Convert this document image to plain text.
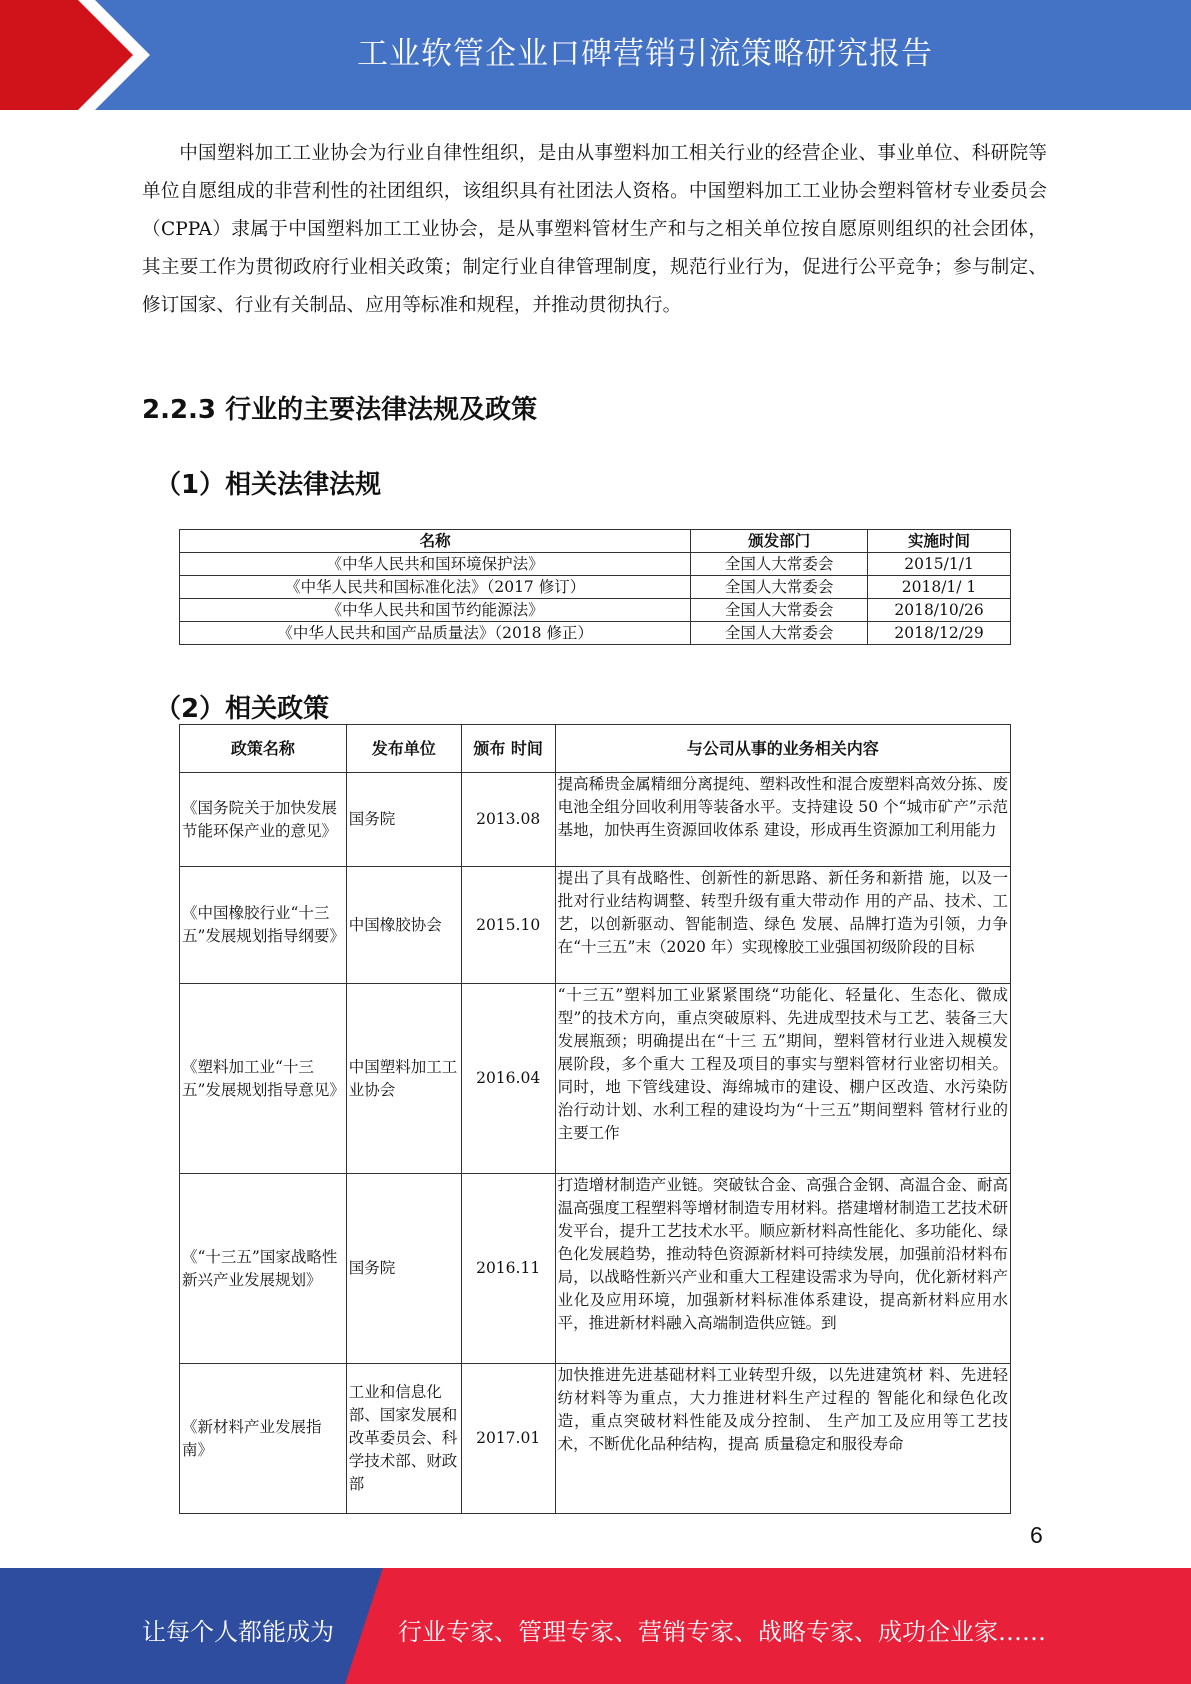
工业软管企业口碑营销引流策略研究报告
中国塑料加工工业协会为行业自律性组织，是由从事塑料加工相关行业的经营企业、事业单位、科研院等单位自愿组成的非营利性的社团组织，该组织具有社团法人资格。中国塑料加工工业协会塑料管材专业委员会（CPPA）隶属于中国塑料加工工业协会，是从事塑料管材生产和与之相关单位按自愿原则组织的社会团体，其主要工作为贯彻政府行业相关政策；制定行业自律管理制度，规范行业行为，促进行公平竞争；参与制定、修订国家、行业有关制品、应用等标准和规程，并推动贯彻执行。
2.2.3 行业的主要法律法规及政策
（1）相关法律法规
名称	颁发部门	实施时间
《中华人民共和国环境保护法》	全国人大常委会	2015/1/1
《中华人民共和国标准化法》（2017 修订）	全国人大常委会	2018/1/ 1
《中华人民共和国节约能源法》	全国人大常委会	2018/10/26
《中华人民共和国产品质量法》（2018 修正）	全国人大常委会	2018/12/29
（2）相关政策
政策名称	发布单位	颁布 时间	与公司从事的业务相关内容
《国务院关于加快发展节能环保产业的意见》	国务院	2013.08	提高稀贵金属精细分离提纯、塑料改性和混合废塑料高效分拣、废电池全组分回收利用等装备水平。支持建设 50 个“城市矿产”示范基地，加快再生资源回收体系 建设，形成再生资源加工利用能力
《中国橡胶行业“十三五”发展规划指导纲要》	中国橡胶协会	2015.10	提出了具有战略性、创新性的新思路、新任务和新措 施，以及一批对行业结构调整、转型升级有重大带动作 用的产品、技术、工艺，以创新驱动、智能制造、绿色 发展、品牌打造为引领，力争在“十三五”末（2020 年）实现橡胶工业强国初级阶段的目标
《塑料加工业“十三五”发展规划指导意见》	中国塑料加工工业协会	2016.04	“十三五”塑料加工业紧紧围绕“功能化、轻量化、生态化、微成型”的技术方向，重点突破原料、先进成型技术与工艺、装备三大发展瓶颈；明确提出在“十三 五”期间，塑料管材行业进入规模发展阶段，多个重大 工程及项目的事实与塑料管材行业密切相关。同时，地 下管线建设、海绵城市的建设、棚户区改造、水污染防 治行动计划、水利工程的建设均为“十三五”期间塑料 管材行业的主要工作
《“十三五”国家战略性新兴产业发展规划》	国务院	2016.11	打造增材制造产业链。突破钛合金、高强合金钢、高温合金、耐高温高强度工程塑料等增材制造专用材料。搭建增材制造工艺技术研发平台，提升工艺技术水平。顺应新材料高性能化、多功能化、绿色化发展趋势，推动特色资源新材料可持续发展，加强前沿材料布局，以战略性新兴产业和重大工程建设需求为导向，优化新材料产业化及应用环境，加强新材料标准体系建设，提高新材料应用水平，推进新材料融入高端制造供应链。到
《新材料产业发展指南》	工业和信息化部、国家发展和改革委员会、科学技术部、财政部	2017.01	加快推进先进基础材料工业转型升级，以先进建筑材 料、先进轻纺材料等为重点，大力推进材料生产过程的 智能化和绿色化改造，重点突破材料性能及成分控制、 生产加工及应用等工艺技术，不断优化品种结构，提高 质量稳定和服役寿命
6
让每个人都能成为	行业专家、管理专家、营销专家、战略专家、成功企业家……
